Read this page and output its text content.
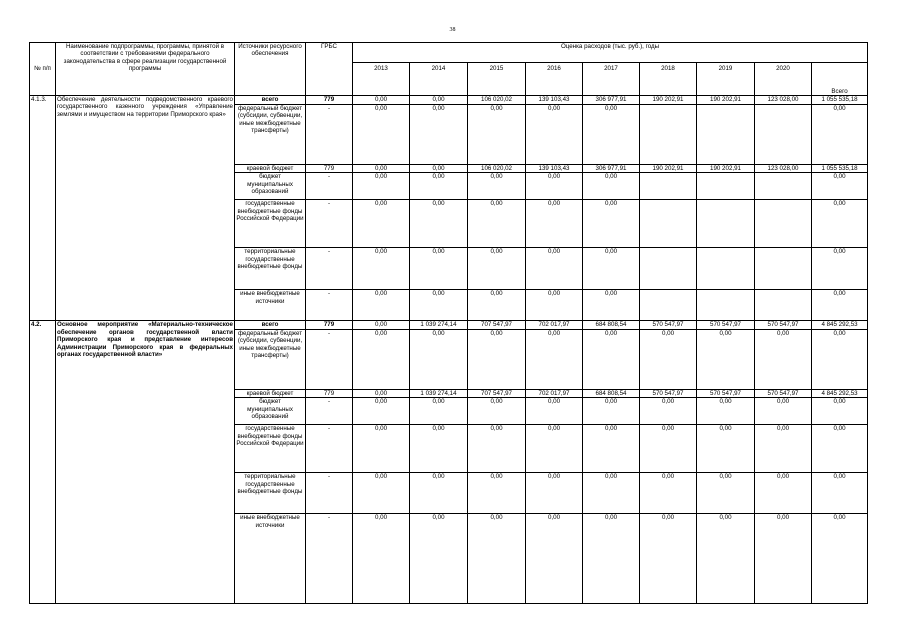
38
№ п/п	Наименование подпрограммы, программы, принятой в соответствии с требованиями федерального законодательства в сфере реализации государственной программы	Источники ресурсного обеспечения	ГРБС	Оценка расходов (тыс. руб.), годы								
				2013	2014	2015	2016	2017	2018	2019	2020	Всего
4.1.3.	Обеспечение деятельности подведомственного краевого государственного казенного учреждения «Управление землями и имуществом на территории Приморского края»	всего	779	0,00	0,00	106 020,02	139 103,43	306 977,91	190 202,91	190 202,91	123 028,00	1 055 535,18
		федеральный бюджет (субсидии, субвенции, иные межбюджетные трансферты)	-	0,00	0,00	0,00	0,00	0,00				0,00
		краевой бюджет	779	0,00	0,00	106 020,02	139 103,43	306 977,91	190 202,91	190 202,91	123 028,00	1 055 535,18
		бюджет муниципальных образований	-	0,00	0,00	0,00	0,00	0,00				0,00
		государственные внебюджетные фонды Российской Федерации	-	0,00	0,00	0,00	0,00	0,00				0,00
		территориальные государственные внебюджетные фонды	-	0,00	0,00	0,00	0,00	0,00				0,00
		иные внебюджетные источники	-	0,00	0,00	0,00	0,00	0,00				0,00
4.2.	Основное мероприятие «Материально-техническое обеспечение органов государственной власти Приморского края и представление интересов Администрации Приморского края в федеральных органах государственной власти»	всего	779	0,00	1 039 274,14	707 547,97	702 017,97	684 808,54	570 547,97	570 547,97	570 547,97	4 845 292,53
		федеральный бюджет (субсидии, субвенции, иные межбюджетные трансферты)	-	0,00	0,00	0,00	0,00	0,00	0,00	0,00	0,00	0,00
		краевой бюджет	779	0,00	1 039 274,14	707 547,97	702 017,97	684 808,54	570 547,97	570 547,97	570 547,97	4 845 292,53
		бюджет муниципальных образований	-	0,00	0,00	0,00	0,00	0,00	0,00	0,00	0,00	0,00
		государственные внебюджетные фонды Российской Федерации	-	0,00	0,00	0,00	0,00	0,00	0,00	0,00	0,00	0,00
		территориальные государственные внебюджетные фонды	-	0,00	0,00	0,00	0,00	0,00	0,00	0,00	0,00	0,00
		иные внебюджетные источники	-	0,00	0,00	0,00	0,00	0,00	0,00	0,00	0,00	0,00
